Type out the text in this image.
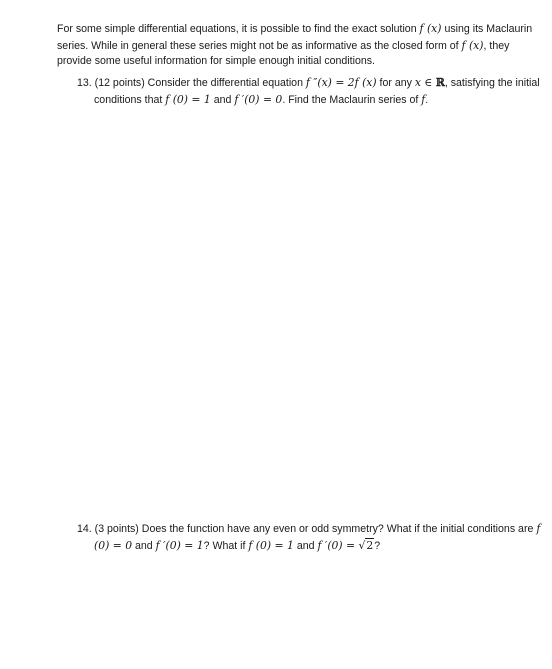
For some simple differential equations, it is possible to find the exact solution f (x) using its Maclaurin series. While in general these series might not be as informative as the closed form of f (x), they provide some useful information for simple enough initial conditions.

13. (12 points) Consider the differential equation f ″(x) = 2f (x) for any x ∈ ℝ, satisfying the initial conditions that f (0) = 1 and f ′(0) = 0. Find the Maclaurin series of f.

14. (3 points) Does the function have any even or odd symmetry? What if the initial conditions are f (0) = 0 and f ′(0) = 1? What if f (0) = 1 and f ′(0) = √2?
